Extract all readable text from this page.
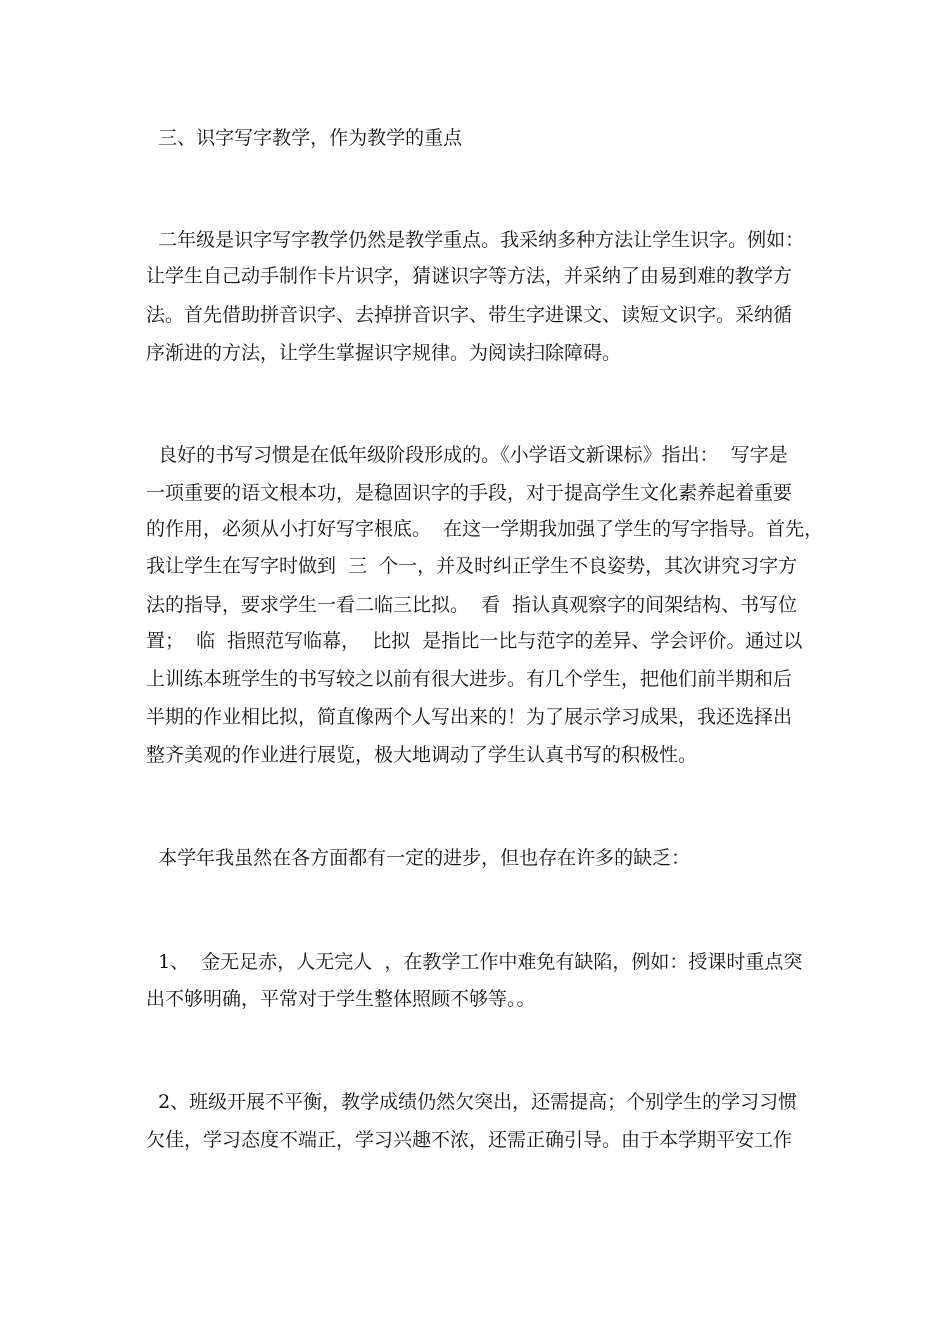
三、识字写字教学，作为教学的重点
二年级是识字写字教学仍然是教学重点。我采纳多种方法让学生识字。例如：
让学生自己动手制作卡片识字，猜谜识字等方法，并采纳了由易到难的教学方
法。首先借助拼音识字、去掉拼音识字、带生字进课文、读短文识字。采纳循
序渐进的方法，让学生掌握识字规律。为阅读扫除障碍。
良好的书写习惯是在低年级阶段形成的。《小学语文新课标》指出：  写字是
一项重要的语文根本功，是稳固识字的手段，对于提高学生文化素养起着重要
的作用，必须从小打好写字根底。  在这一学期我加强了学生的写字指导。首先，
我让学生在写字时做到  三  个一，并及时纠正学生不良姿势，其次讲究习字方
法的指导，要求学生一看二临三比拟。  看  指认真观察字的间架结构、书写位
置；  临  指照范写临幕，  比拟  是指比一比与范字的差异、学会评价。通过以
上训练本班学生的书写较之以前有很大进步。有几个学生，把他们前半期和后
半期的作业相比拟，简直像两个人写出来的！为了展示学习成果，我还选择出
整齐美观的作业进行展览，极大地调动了学生认真书写的积极性。
本学年我虽然在各方面都有一定的进步，但也存在许多的缺乏：
1、  金无足赤，人无完人  ，在教学工作中难免有缺陷，例如：授课时重点突
出不够明确，平常对于学生整体照顾不够等。。
2、班级开展不平衡，教学成绩仍然欠突出，还需提高；个别学生的学习习惯
欠佳，学习态度不端正，学习兴趣不浓，还需正确引导。由于本学期平安工作
